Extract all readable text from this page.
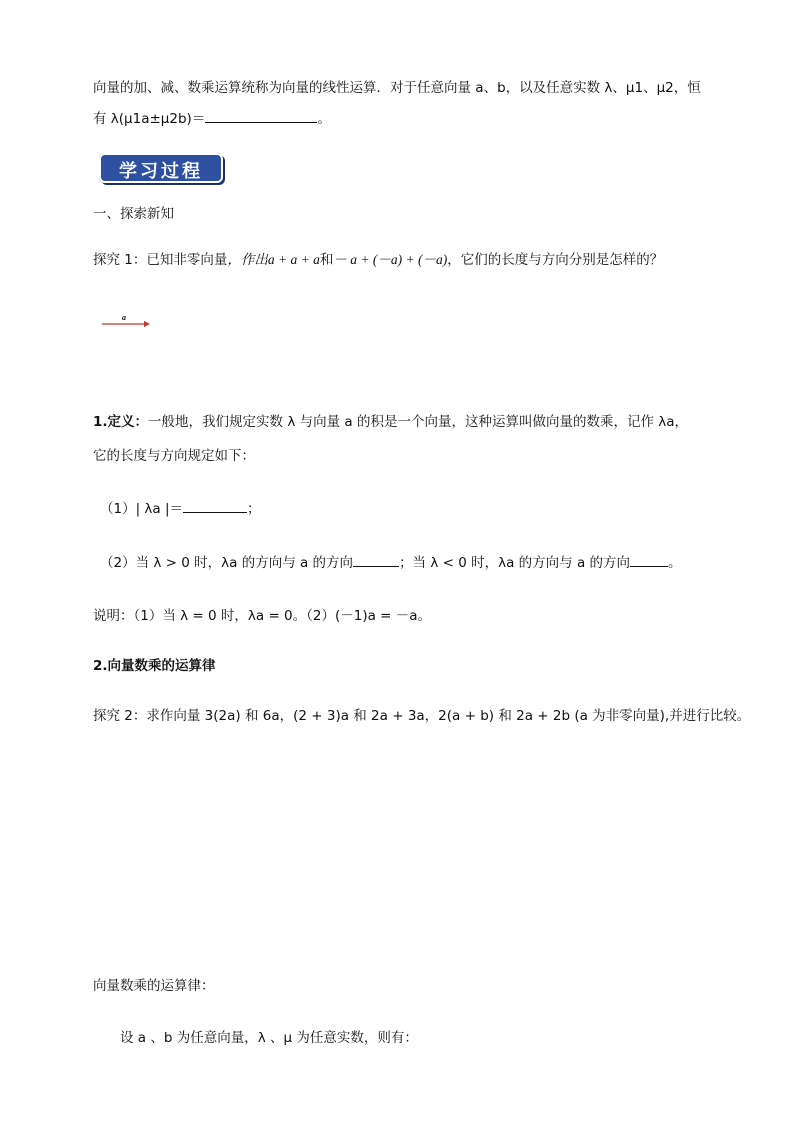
向量的加、减、数乘运算统称为向量的线性运算．对于任意向量 a、b，以及任意实数 λ、μ1、μ2，恒
有 λ(μ1a±μ2b)＝	。
学习过程
一、探索新知
探究 1：已知非零向量，作出a + a + a和－ a + (－a) + (－a)，它们的长度与方向分别是怎样的？
a
1.定义：一般地，我们规定实数 λ 与向量 a 的积是一个向量，这种运算叫做向量的数乘，记作 λa，
它的长度与方向规定如下：
（1）| λa |＝	；
（2）当 λ > 0 时，λa 的方向与 a 的方向	；当 λ < 0 时，λa 的方向与 a 的方向	。
说明：（1）当 λ = 0 时，λa = 0。（2）(－1)a = －a。
2.向量数乘的运算律
探究 2：求作向量 3(2a) 和 6a，(2 + 3)a 和 2a + 3a，2(a + b) 和 2a + 2b (a 为非零向量),并进行比较。
向量数乘的运算律：
设 a 、b 为任意向量，λ 、μ 为任意实数，则有：
